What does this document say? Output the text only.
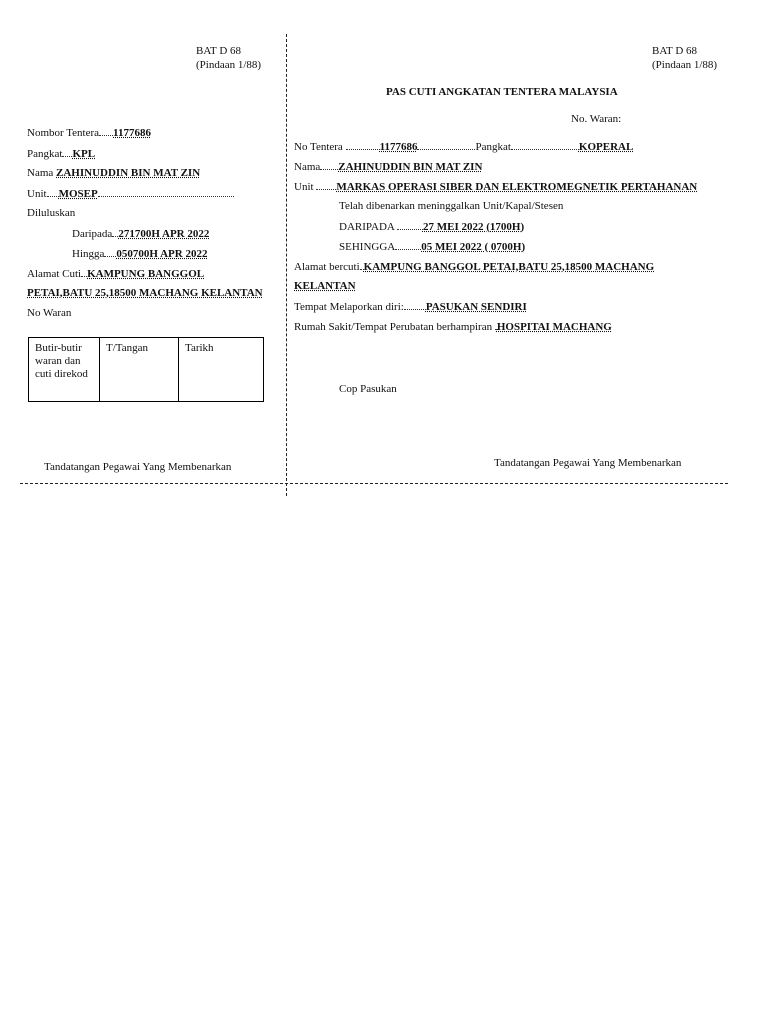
BAT D 68
(Pindaan 1/88)
Nombor Tentera 1177686
Pangkat KPL
Nama ZAHINUDDIN BIN MAT ZIN
Unit MOSEP
Diluluskan
Daripada 271700H APR 2022
Hingga 050700H APR 2022
Alamat Cuti KAMPUNG BANGGOL
PETAI,BATU 25,18500 MACHANG KELANTAN
No Waran
Butir-butir waran dan cuti direkod	T/Tangan	Tarikh
Tandatangan Pegawai Yang Membenarkan
BAT D 68
(Pindaan 1/88)
PAS CUTI ANGKATAN TENTERA MALAYSIA
No. Waran:
No Tentera	1177686	Pangkat	KOPERAL
Nama ZAHINUDDIN BIN MAT ZIN
Unit MARKAS OPERASI SIBER DAN ELEKTROMEGNETIK PERTAHANAN
Telah dibenarkan meninggalkan Unit/Kapal/Stesen
DARIPADA	27 MEI 2022 (1700H)
SEHINGGA 05 MEI 2022 ( 0700H)
Alamat bercuti KAMPUNG BANGGOL PETAI,BATU 25,18500 MACHANG
KELANTAN
Tempat Melaporkan diri: PASUKAN SENDIRI
Rumah Sakit/Tempat Perubatan berhampiran HOSPITAI MACHANG
Cop Pasukan
Tandatangan Pegawai Yang Membenarkan
